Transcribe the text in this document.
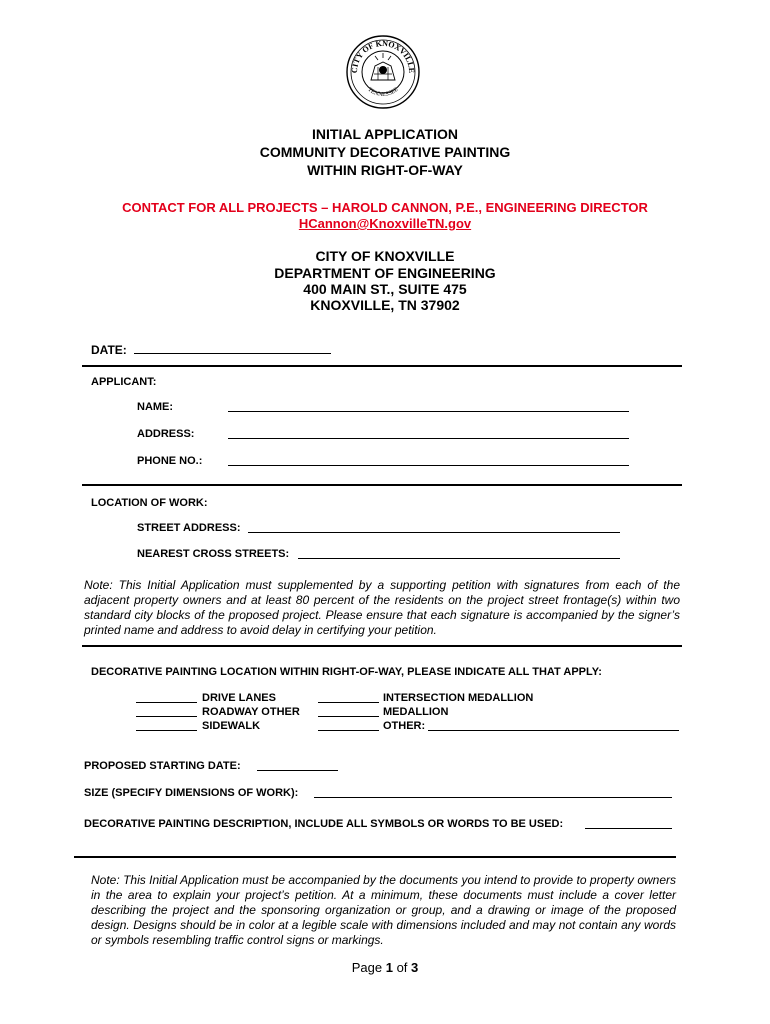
CITY OF KNOXVILLE
TENNESSEE
INITIAL APPLICATION
COMMUNITY DECORATIVE PAINTING
WITHIN RIGHT-OF-WAY
CONTACT FOR ALL PROJECTS – HAROLD CANNON, P.E., ENGINEERING DIRECTOR
HCannon@KnoxvilleTN.gov
CITY OF KNOXVILLE
DEPARTMENT OF ENGINEERING
400 MAIN ST., SUITE 475
KNOXVILLE, TN 37902
DATE:
APPLICANT:
NAME:
ADDRESS:
PHONE NO.:
LOCATION OF WORK:
STREET ADDRESS:
NEAREST CROSS STREETS:
Note: This Initial Application must supplemented by a supporting petition with signatures from each of the adjacent property owners and at least 80 percent of the residents on the project street frontage(s) within two standard city blocks of the proposed project. Please ensure that each signature is accompanied by the signer’s printed name and address to avoid delay in certifying your petition.
DECORATIVE PAINTING LOCATION WITHIN RIGHT-OF-WAY, PLEASE INDICATE ALL THAT APPLY:
DRIVE LANES
ROADWAY OTHER
SIDEWALK
INTERSECTION MEDALLION
MEDALLION
OTHER:
PROPOSED STARTING DATE:
SIZE (SPECIFY DIMENSIONS OF WORK):
DECORATIVE PAINTING DESCRIPTION, INCLUDE ALL SYMBOLS OR WORDS TO BE USED:
Note: This Initial Application must be accompanied by the documents you intend to provide to property owners in the area to explain your project’s petition. At a minimum, these documents must include a cover letter describing the project and the sponsoring organization or group, and a drawing or image of the proposed design. Designs should be in color at a legible scale with dimensions included and may not contain any words or symbols resembling traffic control signs or markings.
Page 1 of 3
